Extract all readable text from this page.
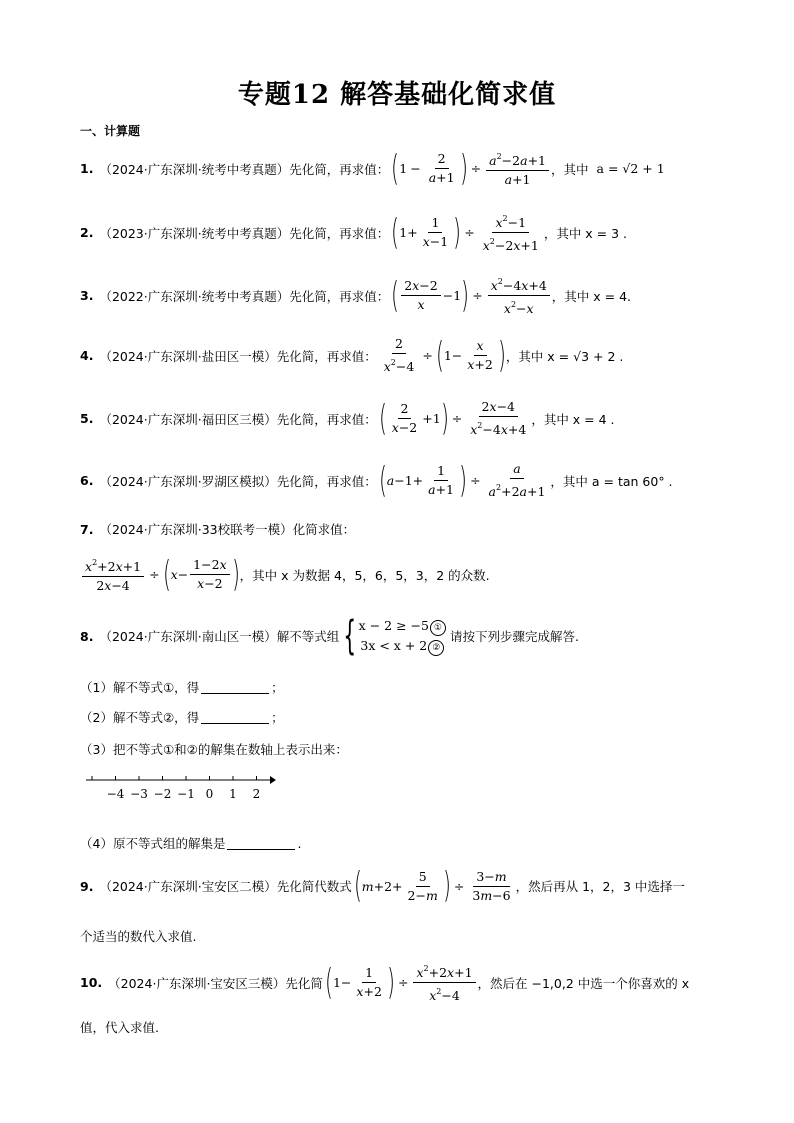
专题12 解答基础化简求值
一、计算题
1. （2024·广东深圳·统考中考真题）先化简，再求值： ( $1 - \frac{2}{a+1}$ ) ÷ $\frac{a^2-2a+1}{a+1}$ ，其中 a = √2 + 1
2. （2023·广东深圳·统考中考真题）先化简，再求值： ( $1+ \frac{1}{x-1}$ ) ÷ $\frac{x^2-1}{x^2-2x+1}$ ，其中 x = 3 .
3. （2022·广东深圳·统考中考真题）先化简，再求值： ( $\frac{2x-2}{x} -1$ ) ÷ $\frac{x^2-4x+4}{x^2-x}$ ，其中 x = 4.
4. （2024·广东深圳·盐田区一模）先化简，再求值： $\frac{2}{x^2-4}$ ÷ ( $1- \frac{x}{x+2}$ ) ，其中 x = √3 + 2 .
5. （2024·广东深圳·福田区三模）先化简，再求值： ( $\frac{2}{x-2} +1$ ) ÷ $\frac{2x-4}{x^2-4x+4}$ ，其中 x = 4 .
6. （2024·广东深圳·罗湖区模拟）先化简，再求值： ( $a -1+ \frac{1}{a+1}$ ) ÷ $\frac{a}{a^2+2a+1}$ ，其中 a = tan 60° .
7. （2024·广东深圳·33校联考一模）化简求值：
$\frac{x^2+2x+1}{2x-4}$ ÷ ( $x - \frac{1-2x}{x-2}$ ) ，其中 x 为数据 4，5，6，5，3，2 的众数.
8. （2024·广东深圳·南山区一模）解不等式组 { x − 2 ≥ −5 ①
3x < x + 2 ②
请按下列步骤完成解答.
（1）解不等式①，得	；
（2）解不等式②，得	；
（3）把不等式①和②的解集在数轴上表示出来：
−4 −3 −2 −1 0 1 2
（4）原不等式组的解集是	.
9. （2024·广东深圳·宝安区二模）先化简代数式 ( $m +2+ \frac{5}{2-m}$ ) ÷ $\frac{3-m}{3m-6}$ ，然后再从 1，2，3 中选择一
个适当的数代入求值.
10. （2024·广东深圳·宝安区三模）先化简 ( $1- \frac{1}{x+2}$ ) ÷ $\frac{x^2+2x+1}{x^2-4}$ ，然后在 −1,0,2 中选一个你喜欢的 x
值，代入求值.
